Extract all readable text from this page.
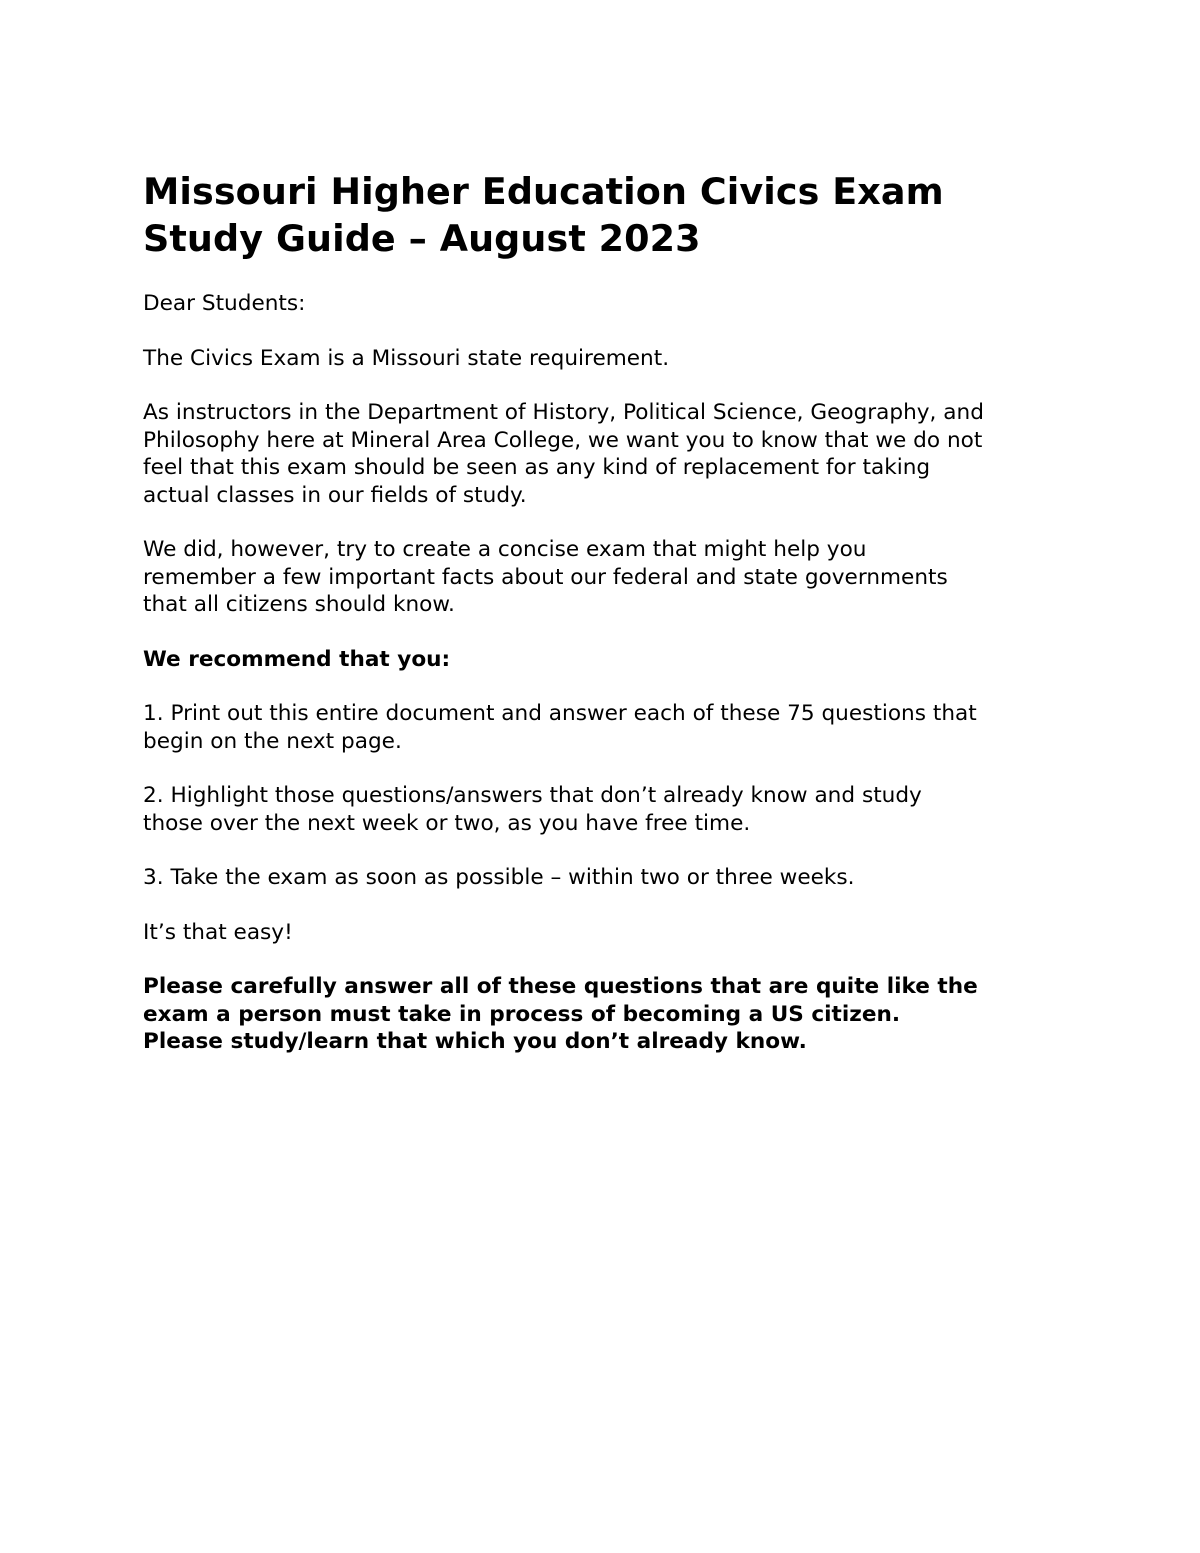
Missouri Higher Education Civics Exam
Study Guide – August 2023

Dear Students:

The Civics Exam is a Missouri state requirement.

As instructors in the Department of History, Political Science, Geography, and
Philosophy here at Mineral Area College, we want you to know that we do not
feel that this exam should be seen as any kind of replacement for taking
actual classes in our fields of study.

We did, however, try to create a concise exam that might help you
remember a few important facts about our federal and state governments
that all citizens should know.

We recommend that you:

1. Print out this entire document and answer each of these 75 questions that
begin on the next page.

2. Highlight those questions/answers that don’t already know and study
those over the next week or two, as you have free time.

3. Take the exam as soon as possible – within two or three weeks.

It’s that easy!

Please carefully answer all of these questions that are quite like the
exam a person must take in process of becoming a US citizen.
Please study/learn that which you don’t already know.
